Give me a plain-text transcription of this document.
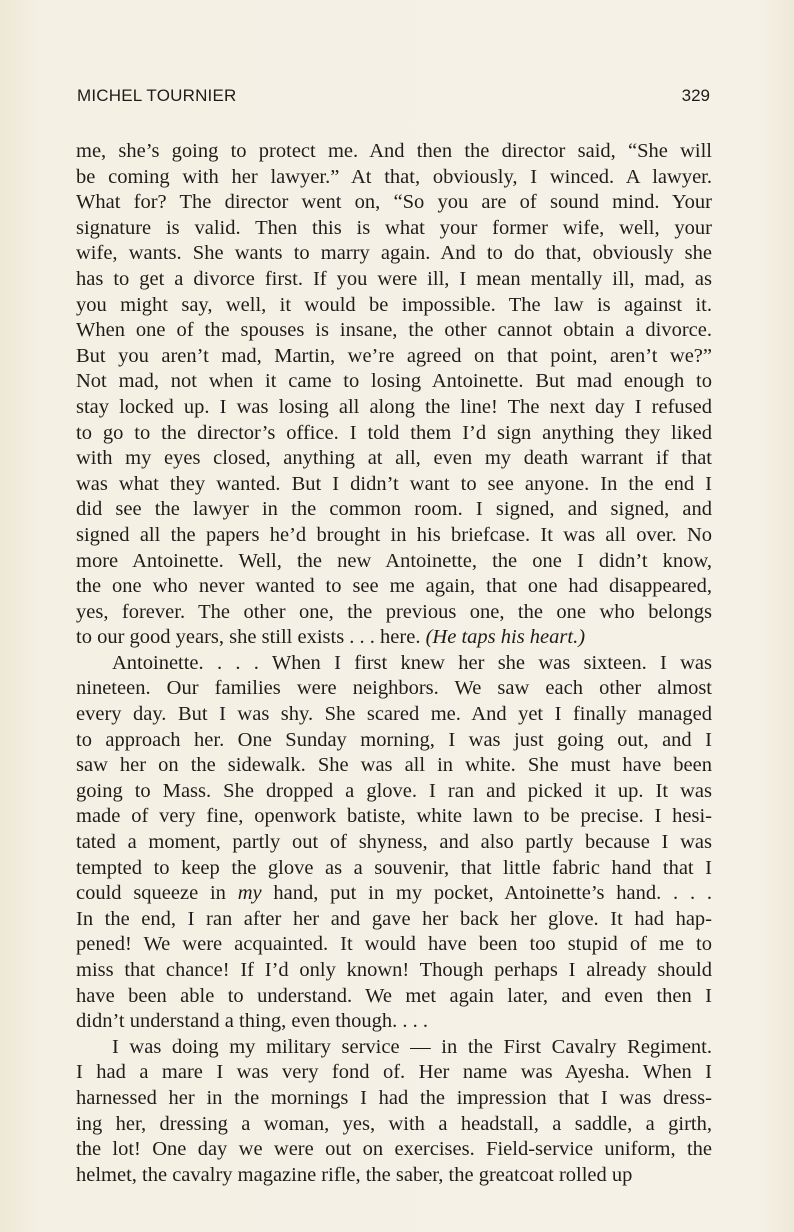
MICHEL TOURNIER	329
me, she’s going to protect me. And then the director said, “She will
be coming with her lawyer.” At that, obviously, I winced. A lawyer.
What for? The director went on, “So you are of sound mind. Your
signature is valid. Then this is what your former wife, well, your
wife, wants. She wants to marry again. And to do that, obviously she
has to get a divorce first. If you were ill, I mean mentally ill, mad, as
you might say, well, it would be impossible. The law is against it.
When one of the spouses is insane, the other cannot obtain a divorce.
But you aren’t mad, Martin, we’re agreed on that point, aren’t we?”
Not mad, not when it came to losing Antoinette. But mad enough to
stay locked up. I was losing all along the line! The next day I refused
to go to the director’s office. I told them I’d sign anything they liked
with my eyes closed, anything at all, even my death warrant if that
was what they wanted. But I didn’t want to see anyone. In the end I
did see the lawyer in the common room. I signed, and signed, and
signed all the papers he’d brought in his briefcase. It was all over. No
more Antoinette. Well, the new Antoinette, the one I didn’t know,
the one who never wanted to see me again, that one had disappeared,
yes, forever. The other one, the previous one, the one who belongs
to our good years, she still exists . . . here. (He taps his heart.)
Antoinette. . . . When I first knew her she was sixteen. I was
nineteen. Our families were neighbors. We saw each other almost
every day. But I was shy. She scared me. And yet I finally managed
to approach her. One Sunday morning, I was just going out, and I
saw her on the sidewalk. She was all in white. She must have been
going to Mass. She dropped a glove. I ran and picked it up. It was
made of very fine, openwork batiste, white lawn to be precise. I hesi-
tated a moment, partly out of shyness, and also partly because I was
tempted to keep the glove as a souvenir, that little fabric hand that I
could squeeze in my hand, put in my pocket, Antoinette’s hand. . . .
In the end, I ran after her and gave her back her glove. It had hap-
pened! We were acquainted. It would have been too stupid of me to
miss that chance! If I’d only known! Though perhaps I already should
have been able to understand. We met again later, and even then I
didn’t understand a thing, even though. . . .
I was doing my military service — in the First Cavalry Regiment.
I had a mare I was very fond of. Her name was Ayesha. When I
harnessed her in the mornings I had the impression that I was dress-
ing her, dressing a woman, yes, with a headstall, a saddle, a girth,
the lot! One day we were out on exercises. Field-service uniform, the
helmet, the cavalry magazine rifle, the saber, the greatcoat rolled up
